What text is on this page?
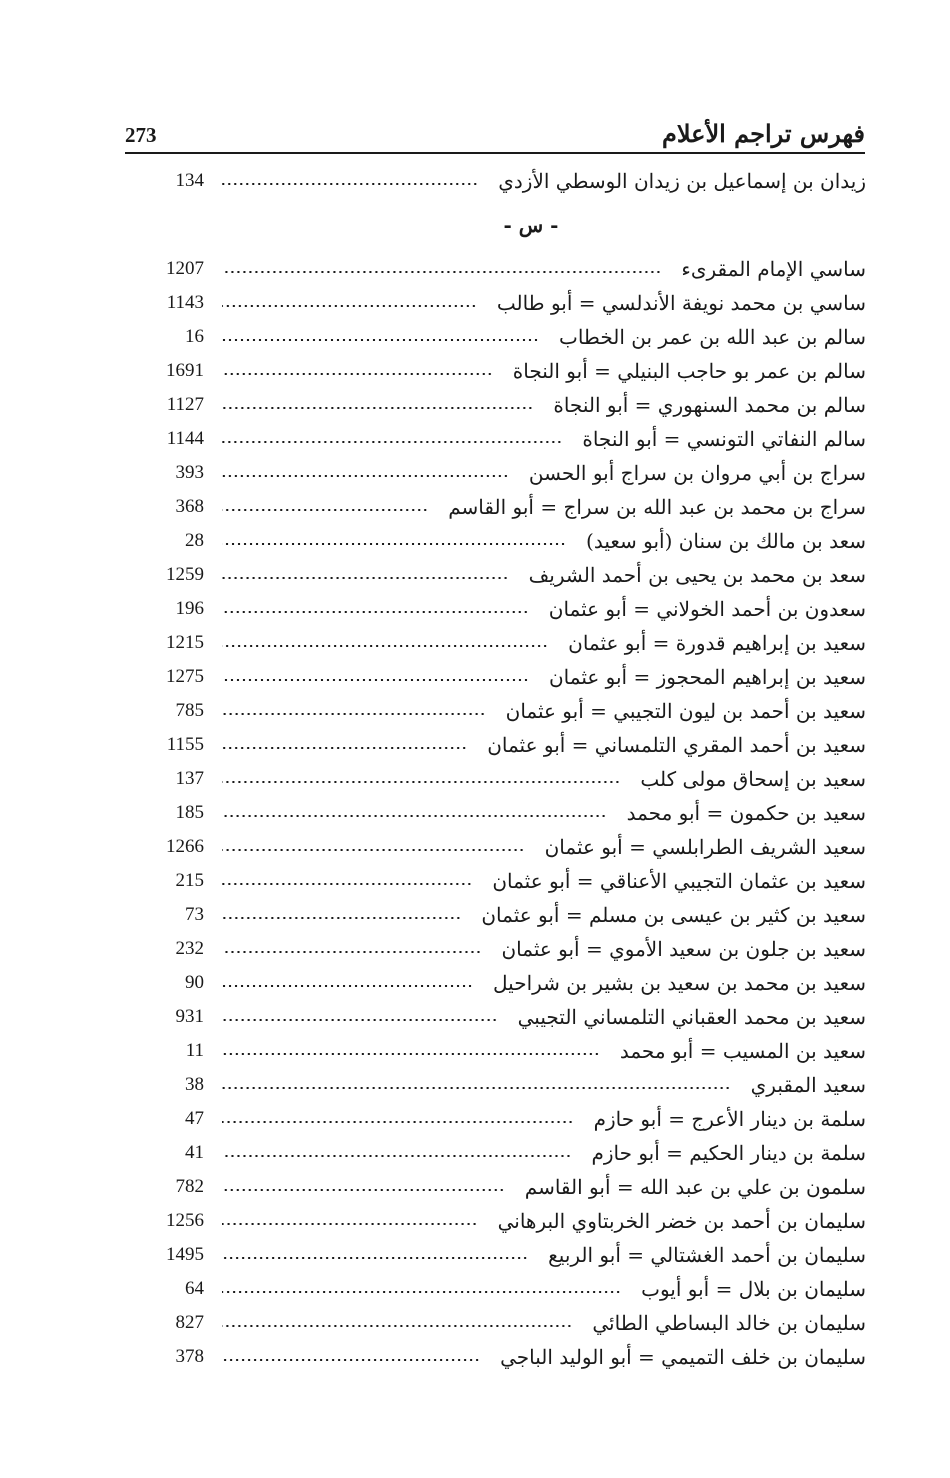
فهرس تراجم الأعلام
273
زيدان بن إسماعيل بن زيدان الوسطي الأزدي
134
- س -
ساسي الإمام المقرىء
1207
ساسي بن محمد نويفة الأندلسي = أبو طالب
1143
سالم بن عبد الله بن عمر بن الخطاب
16
سالم بن عمر بو حاجب البنيلي = أبو النجاة
1691
سالم بن محمد السنهوري = أبو النجاة
1127
سالم النفاتي التونسي = أبو النجاة
1144
سراج بن أبي مروان بن سراج أبو الحسن
393
سراج بن محمد بن عبد الله بن سراج = أبو القاسم
368
سعد بن مالك بن سنان (أبو سعيد)
28
سعد بن محمد بن يحيى بن أحمد الشريف
1259
سعدون بن أحمد الخولاني = أبو عثمان
196
سعيد بن إبراهيم قدورة = أبو عثمان
1215
سعيد بن إبراهيم المحجوز = أبو عثمان
1275
سعيد بن أحمد بن ليون التجيبي = أبو عثمان
785
سعيد بن أحمد المقري التلمساني = أبو عثمان
1155
سعيد بن إسحاق مولى كلب
137
سعيد بن حكمون = أبو محمد
185
سعيد الشريف الطرابلسي = أبو عثمان
1266
سعيد بن عثمان التجيبي الأعناقي = أبو عثمان
215
سعيد بن كثير بن عيسى بن مسلم = أبو عثمان
73
سعيد بن جلون بن سعيد الأموي = أبو عثمان
232
سعيد بن محمد بن سعيد بن بشير بن شراحيل
90
سعيد بن محمد العقباني التلمساني التجيبي
931
سعيد بن المسيب = أبو محمد
11
سعيد المقبري
38
سلمة بن دينار الأعرج = أبو حازم
47
سلمة بن دينار الحكيم = أبو حازم
41
سلمون بن علي بن عبد الله = أبو القاسم
782
سليمان بن أحمد بن خضر الخربتاوي البرهاني
1256
سليمان بن أحمد الغشتالي = أبو الربيع
1495
سليمان بن بلال = أبو أيوب
64
سليمان بن خالد البساطي الطائي
827
سليمان بن خلف التميمي = أبو الوليد الباجي
378
